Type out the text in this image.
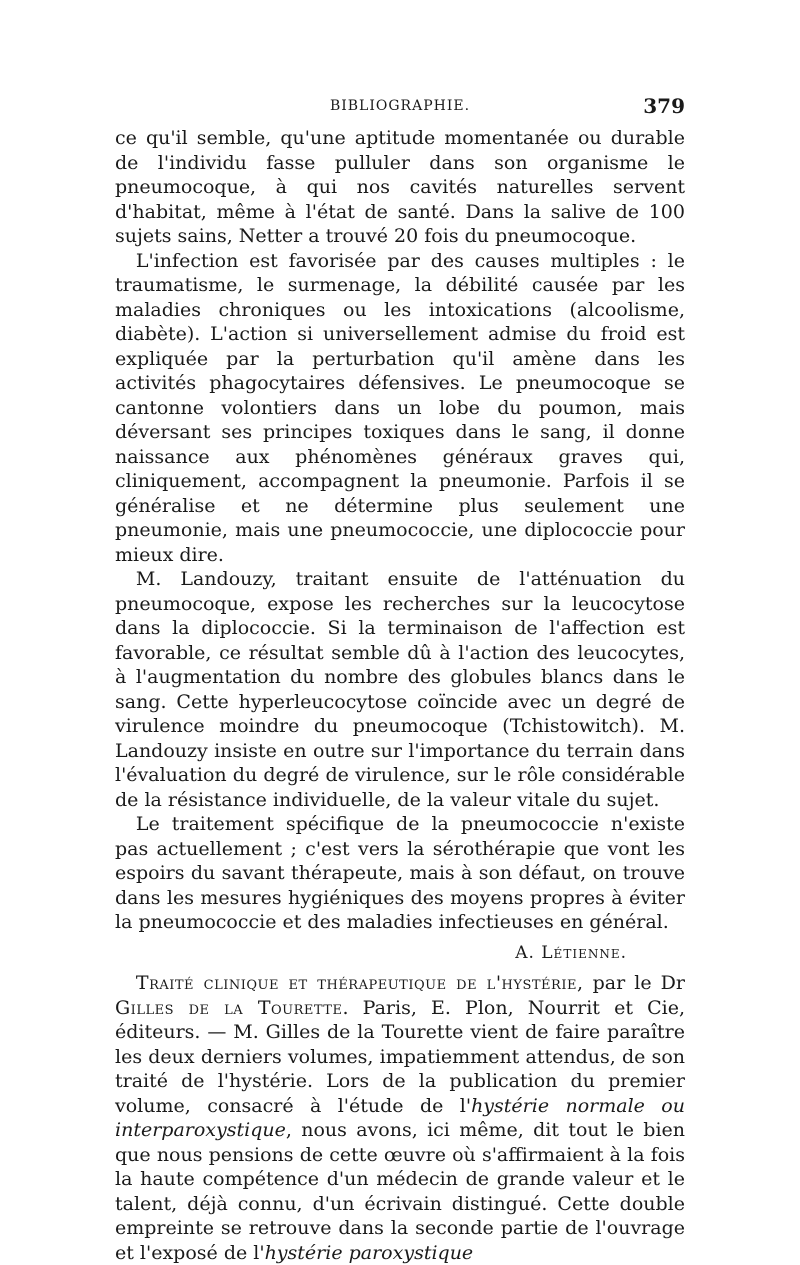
BIBLIOGRAPHIE.	379

ce qu'il semble, qu'une aptitude momentanée ou durable de l'individu fasse pulluler dans son organisme le pneumocoque, à qui nos cavités naturelles servent d'habitat, même à l'état de santé. Dans la salive de 100 sujets sains, Netter a trouvé 20 fois du pneumocoque.

L'infection est favorisée par des causes multiples : le traumatisme, le surmenage, la débilité causée par les maladies chroniques ou les intoxications (alcoolisme, diabète). L'action si universellement admise du froid est expliquée par la perturbation qu'il amène dans les activités phagocytaires défensives. Le pneumocoque se cantonne volontiers dans un lobe du poumon, mais déversant ses principes toxiques dans le sang, il donne naissance aux phénomènes généraux graves qui, cliniquement, accompagnent la pneumonie. Parfois il se généralise et ne détermine plus seulement une pneumonie, mais une pneumococcie, une diplococcie pour mieux dire.

M. Landouzy, traitant ensuite de l'atténuation du pneumocoque, expose les recherches sur la leucocytose dans la diplococcie. Si la terminaison de l'affection est favorable, ce résultat semble dû à l'action des leucocytes, à l'augmentation du nombre des globules blancs dans le sang. Cette hyperleucocytose coïncide avec un degré de virulence moindre du pneumocoque (Tchistowitch). M. Landouzy insiste en outre sur l'importance du terrain dans l'évaluation du degré de virulence, sur le rôle considérable de la résistance individuelle, de la valeur vitale du sujet.

Le traitement spécifique de la pneumococcie n'existe pas actuellement ; c'est vers la sérothérapie que vont les espoirs du savant thérapeute, mais à son défaut, on trouve dans les mesures hygiéniques des moyens propres à éviter la pneumococcie et des maladies infectieuses en général.

A. Létienne.

Traité clinique et thérapeutique de l'hystérie, par le Dr Gilles de la Tourette. Paris, E. Plon, Nourrit et Cie, éditeurs. — M. Gilles de la Tourette vient de faire paraître les deux derniers volumes, impatiemment attendus, de son traité de l'hystérie. Lors de la publication du premier volume, consacré à l'étude de l'hystérie normale ou interparoxystique, nous avons, ici même, dit tout le bien que nous pensions de cette œuvre où s'affirmaient à la fois la haute compétence d'un médecin de grande valeur et le talent, déjà connu, d'un écrivain distingué. Cette double empreinte se retrouve dans la seconde partie de l'ouvrage et l'exposé de l'hystérie paroxystique
